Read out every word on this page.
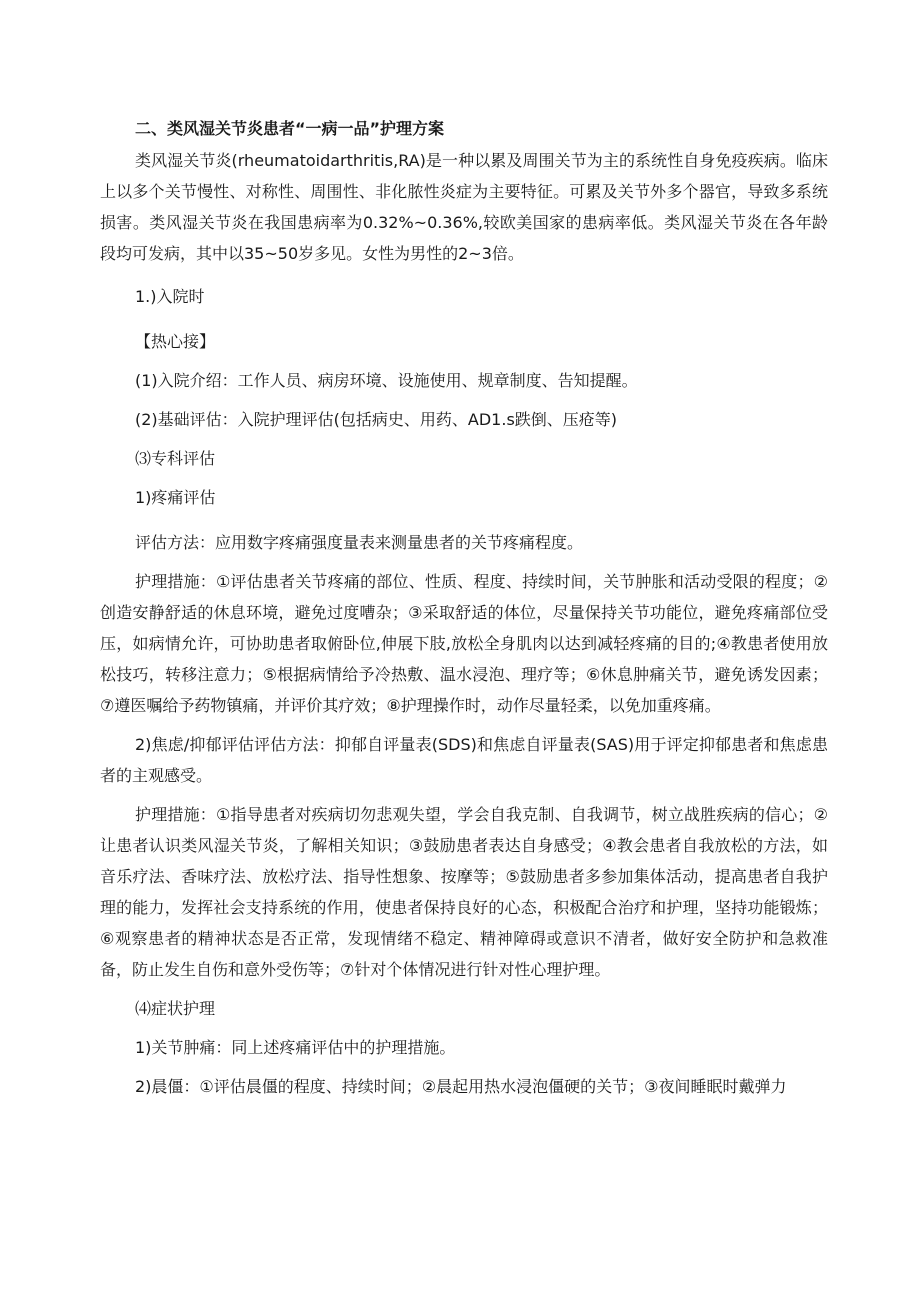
二、类风湿关节炎患者“一病一品”护理方案

类风湿关节炎(rheumatoidarthritis,RA)是一种以累及周围关节为主的系统性自身免疫疾病。临床上以多个关节慢性、对称性、周围性、非化脓性炎症为主要特征。可累及关节外多个器官，导致多系统损害。类风湿关节炎在我国患病率为0.32%~0.36%,较欧美国家的患病率低。类风湿关节炎在各年龄段均可发病，其中以35~50岁多见。女性为男性的2~3倍。

1.)入院时
【热心接】
(1)入院介绍：工作人员、病房环境、设施使用、规章制度、告知提醒。
(2)基础评估：入院护理评估(包括病史、用药、AD1.s跌倒、压疮等)
⑶专科评估
1)疼痛评估

评估方法：应用数字疼痛强度量表来测量患者的关节疼痛程度。

护理措施：①评估患者关节疼痛的部位、性质、程度、持续时间，关节肿胀和活动受限的程度；②创造安静舒适的休息环境，避免过度嘈杂；③采取舒适的体位，尽量保持关节功能位，避免疼痛部位受压，如病情允许，可协助患者取俯卧位,伸展下肢,放松全身肌肉以达到减轻疼痛的目的;④教患者使用放松技巧，转移注意力；⑤根据病情给予冷热敷、温水浸泡、理疗等；⑥休息肿痛关节，避免诱发因素；⑦遵医嘱给予药物镇痛，并评价其疗效；⑧护理操作时，动作尽量轻柔，以免加重疼痛。

2)焦虑/抑郁评估评估方法：抑郁自评量表(SDS)和焦虑自评量表(SAS)用于评定抑郁患者和焦虑患者的主观感受。

护理措施：①指导患者对疾病切勿悲观失望，学会自我克制、自我调节，树立战胜疾病的信心；②让患者认识类风湿关节炎，了解相关知识；③鼓励患者表达自身感受；④教会患者自我放松的方法，如音乐疗法、香味疗法、放松疗法、指导性想象、按摩等；⑤鼓励患者多参加集体活动，提高患者自我护理的能力，发挥社会支持系统的作用，使患者保持良好的心态，积极配合治疗和护理，坚持功能锻炼；⑥观察患者的精神状态是否正常，发现情绪不稳定、精神障碍或意识不清者，做好安全防护和急救准备，防止发生自伤和意外受伤等；⑦针对个体情况进行针对性心理护理。

⑷症状护理
1)关节肿痛：同上述疼痛评估中的护理措施。

2)晨僵：①评估晨僵的程度、持续时间；②晨起用热水浸泡僵硬的关节；③夜间睡眠时戴弹力
